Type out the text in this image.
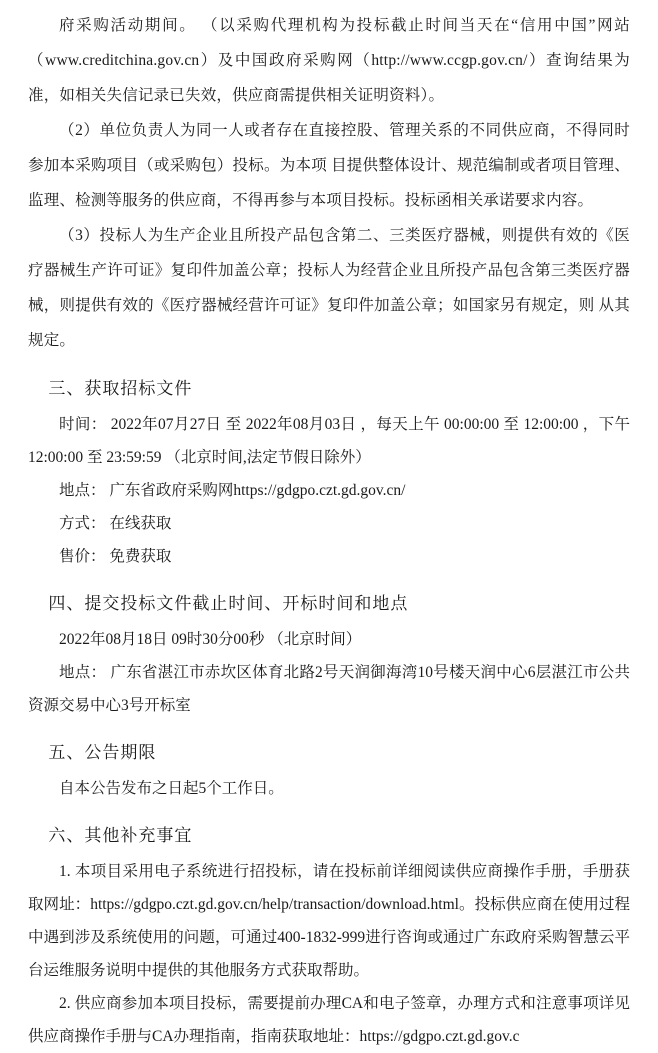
府采购活动期间。 （以采购代理机构为投标截止时间当天在“信用中国”网站（www.creditchina.gov.cn）及中国政府采购网（http://www.ccgp.gov.cn/）查询结果为准，如相关失信记录已失效，供应商需提供相关证明资料）。

（2）单位负责人为同一人或者存在直接控股、管理关系的不同供应商，不得同时参加本采购项目（或采购包）投标。为本项 目提供整体设计、规范编制或者项目管理、监理、检测等服务的供应商，不得再参与本项目投标。投标函相关承诺要求内容。

（3）投标人为生产企业且所投产品包含第二、三类医疗器械，则提供有效的《医疗器械生产许可证》复印件加盖公章；投标人为经营企业且所投产品包含第三类医疗器械，则提供有效的《医疗器械经营许可证》复印件加盖公章；如国家另有规定，则 从其规定。

三、获取招标文件

时间： 2022年07月27日 至 2022年08月03日 ，每天上午 00:00:00 至 12:00:00 ，下午 12:00:00 至 23:59:59 （北京时间,法定节假日除外）

地点： 广东省政府采购网https://gdgpo.czt.gd.gov.cn/

方式： 在线获取

售价： 免费获取

四、提交投标文件截止时间、开标时间和地点

2022年08月18日 09时30分00秒 （北京时间）

地点： 广东省湛江市赤坎区体育北路2号天润御海湾10号楼天润中心6层湛江市公共资源交易中心3号开标室

五、公告期限

自本公告发布之日起5个工作日。

六、其他补充事宜

1. 本项目采用电子系统进行招投标，请在投标前详细阅读供应商操作手册，手册获取网址：https://gdgpo.czt.gd.gov.cn/help/transaction/download.html。投标供应商在使用过程中遇到涉及系统使用的问题，可通过400-1832-999进行咨询或通过广东政府采购智慧云平台运维服务说明中提供的其他服务方式获取帮助。

2. 供应商参加本项目投标，需要提前办理CA和电子签章，办理方式和注意事项详见供应商操作手册与CA办理指南，指南获取地址：https://gdgpo.czt.gd.gov.c
